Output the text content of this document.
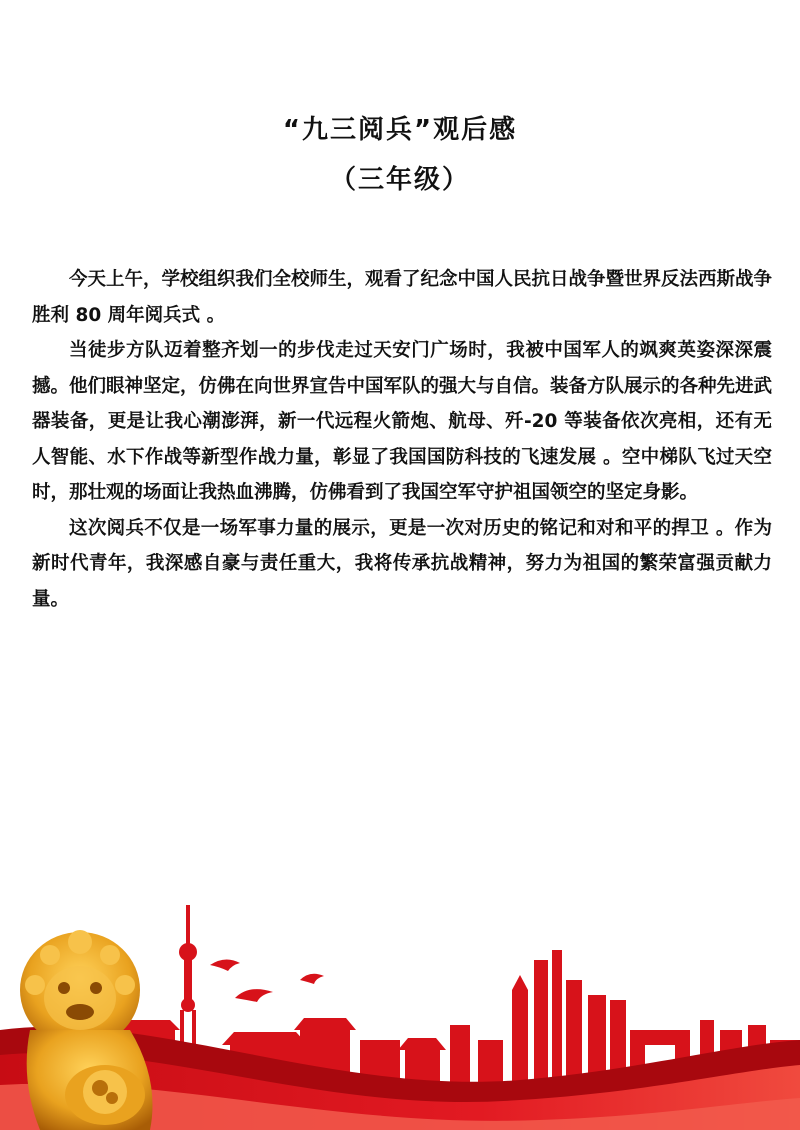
“九三阅兵”观后感
（三年级）

今天上午，学校组织我们全校师生，观看了纪念中国人民抗日战争暨世界反法西斯战争胜利 80 周年阅兵式 。

当徒步方队迈着整齐划一的步伐走过天安门广场时，我被中国军人的飒爽英姿深深震撼。他们眼神坚定，仿佛在向世界宣告中国军队的强大与自信。装备方队展示的各种先进武器装备，更是让我心潮澎湃，新一代远程火箭炮、航母、歼-20 等装备依次亮相，还有无人智能、水下作战等新型作战力量，彰显了我国国防科技的飞速发展 。空中梯队飞过天空时，那壮观的场面让我热血沸腾，仿佛看到了我国空军守护祖国领空的坚定身影。

这次阅兵不仅是一场军事力量的展示，更是一次对历史的铭记和对和平的捍卫 。作为新时代青年，我深感自豪与责任重大，我将传承抗战精神，努力为祖国的繁荣富强贡献力量。
